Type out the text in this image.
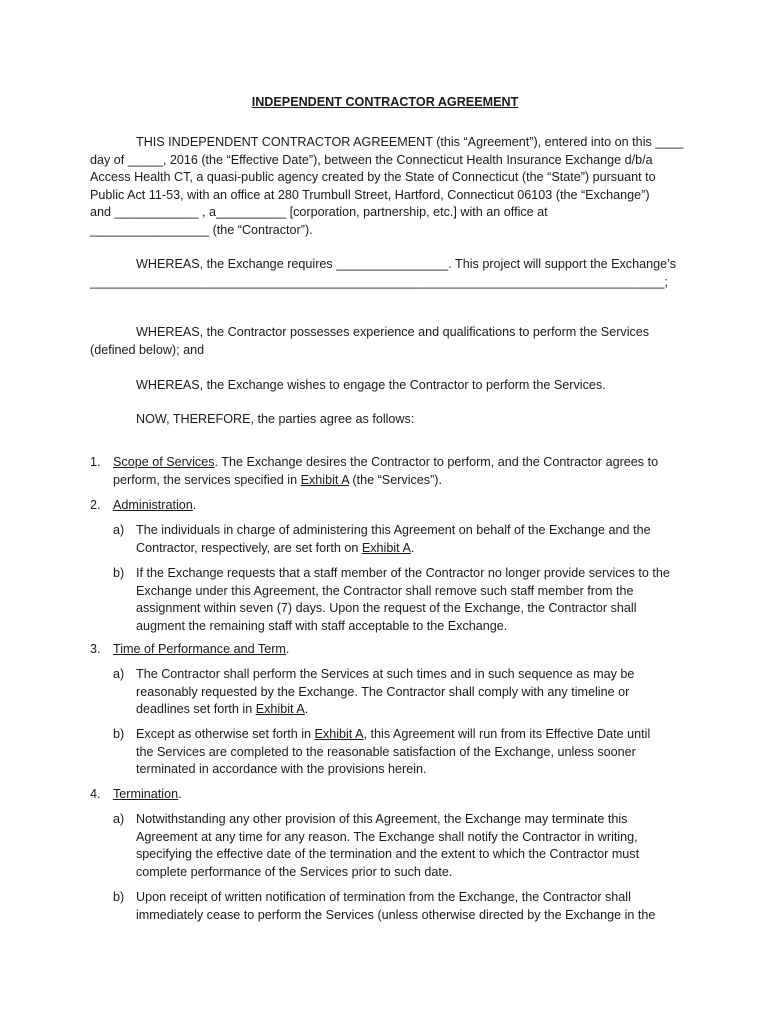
INDEPENDENT CONTRACTOR AGREEMENT
THIS INDEPENDENT CONTRACTOR AGREEMENT (this “Agreement”), entered into on this ____
day of _____, 2016 (the “Effective Date”), between the Connecticut Health Insurance Exchange d/b/a
Access Health CT, a quasi-public agency created by the State of Connecticut (the “State”) pursuant to
Public Act 11-53, with an office at 280 Trumbull Street, Hartford, Connecticut 06103 (the “Exchange”)
and ____________ , a__________ [corporation, partnership, etc.] with an office at
_________________ (the “Contractor”).
WHEREAS, the Exchange requires ________________. This project will support the Exchange’s
__________________________________________________________________________________;
WHEREAS, the Contractor possesses experience and qualifications to perform the Services
(defined below); and
WHEREAS, the Exchange wishes to engage the Contractor to perform the Services.
NOW, THEREFORE, the parties agree as follows:
1. Scope of Services. The Exchange desires the Contractor to perform, and the Contractor agrees to
perform, the services specified in Exhibit A (the “Services”).
2. Administration.
a) The individuals in charge of administering this Agreement on behalf of the Exchange and the
Contractor, respectively, are set forth on Exhibit A.
b) If the Exchange requests that a staff member of the Contractor no longer provide services to the
Exchange under this Agreement, the Contractor shall remove such staff member from the
assignment within seven (7) days. Upon the request of the Exchange, the Contractor shall
augment the remaining staff with staff acceptable to the Exchange.
3. Time of Performance and Term.
a) The Contractor shall perform the Services at such times and in such sequence as may be
reasonably requested by the Exchange. The Contractor shall comply with any timeline or
deadlines set forth in Exhibit A.
b) Except as otherwise set forth in Exhibit A, this Agreement will run from its Effective Date until
the Services are completed to the reasonable satisfaction of the Exchange, unless sooner
terminated in accordance with the provisions herein.
4. Termination.
a) Notwithstanding any other provision of this Agreement, the Exchange may terminate this
Agreement at any time for any reason. The Exchange shall notify the Contractor in writing,
specifying the effective date of the termination and the extent to which the Contractor must
complete performance of the Services prior to such date.
b) Upon receipt of written notification of termination from the Exchange, the Contractor shall
immediately cease to perform the Services (unless otherwise directed by the Exchange in the
